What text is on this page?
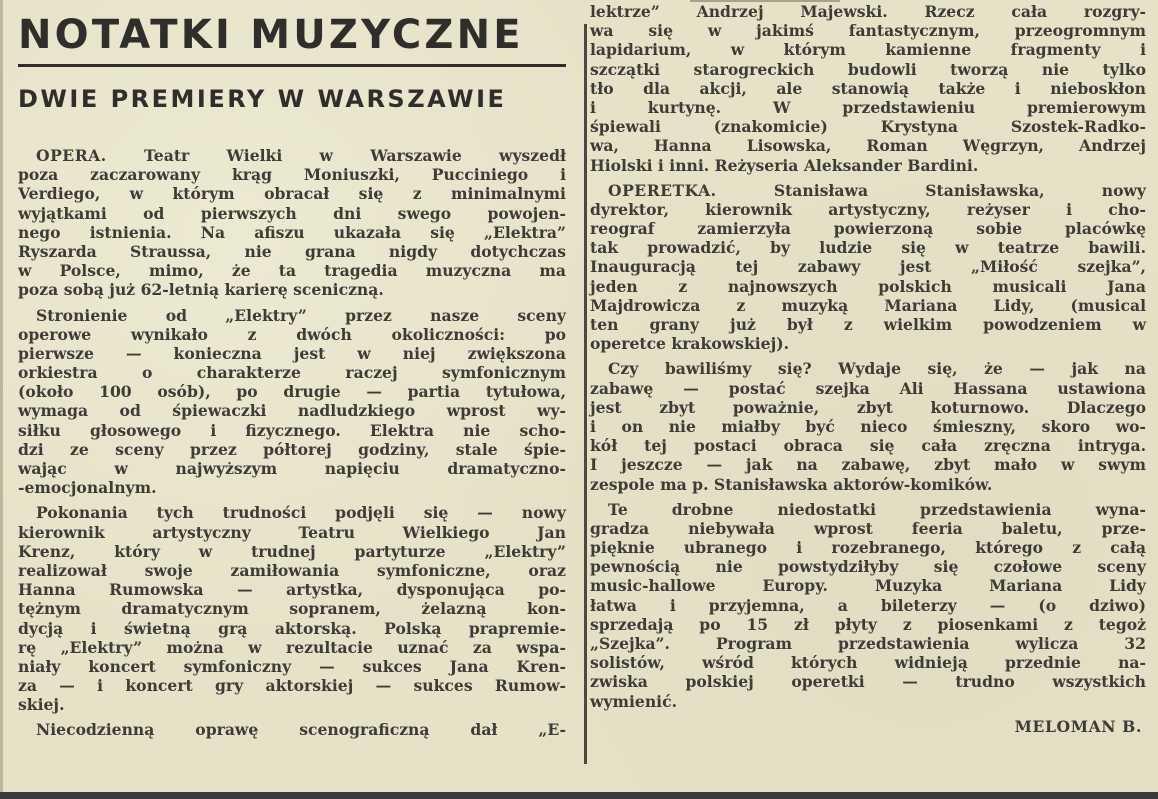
NOTATKI MUZYCZNE
DWIE PREMIERY W WARSZAWIE
OPERA. Teatr Wielki w Warszawie wyszedł
poza zaczarowany krąg Moniuszki, Pucciniego i
Verdiego, w którym obracał się z minimalnymi
wyjątkami od pierwszych dni swego powojen-
nego istnienia. Na afiszu ukazała się „Elektra”
Ryszarda Straussa, nie grana nigdy dotychczas
w Polsce, mimo, że ta tragedia muzyczna ma
poza sobą już 62-letnią karierę sceniczną.
Stronienie od „Elektry” przez nasze sceny
operowe wynikało z dwóch okoliczności: po
pierwsze — konieczna jest w niej zwiększona
orkiestra o charakterze raczej symfonicznym
(około 100 osób), po drugie — partia tytułowa,
wymaga od śpiewaczki nadludzkiego wprost wy-
siłku głosowego i fizycznego. Elektra nie scho-
dzi ze sceny przez półtorej godziny, stale śpie-
wając w najwyższym napięciu dramatyczno-
-emocjonalnym.
Pokonania tych trudności podjęli się — nowy
kierownik artystyczny Teatru Wielkiego Jan
Krenz, który w trudnej partyturze „Elektry”
realizował swoje zamiłowania symfoniczne, oraz
Hanna Rumowska — artystka, dysponująca po-
tężnym dramatycznym sopranem, żelazną kon-
dycją i świetną grą aktorską. Polską prapremie-
rę „Elektry” można w rezultacie uznać za wspa-
niały koncert symfoniczny — sukces Jana Kren-
za — i koncert gry aktorskiej — sukces Rumow-
skiej.
Niecodzienną oprawę scenograficzną dał „E-
lektrze” Andrzej Majewski. Rzecz cała rozgry-
wa się w jakimś fantastycznym, przeogromnym
lapidarium, w którym kamienne fragmenty i
szczątki starogreckich budowli tworzą nie tylko
tło dla akcji, ale stanowią także i nieboskłon
i kurtynę. W przedstawieniu premierowym
śpiewali (znakomicie) Krystyna Szostek-Radko-
wa, Hanna Lisowska, Roman Węgrzyn, Andrzej
Hiolski i inni. Reżyseria Aleksander Bardini.
OPERETKA. Stanisława Stanisławska, nowy
dyrektor, kierownik artystyczny, reżyser i cho-
reograf zamierzyła powierzoną sobie placówkę
tak prowadzić, by ludzie się w teatrze bawili.
Inauguracją tej zabawy jest „Miłość szejka”,
jeden z najnowszych polskich musicali Jana
Majdrowicza z muzyką Mariana Lidy, (musical
ten grany już był z wielkim powodzeniem w
operetce krakowskiej).
Czy bawiliśmy się? Wydaje się, że — jak na
zabawę — postać szejka Ali Hassana ustawiona
jest zbyt poważnie, zbyt koturnowo. Dlaczego
i on nie miałby być nieco śmieszny, skoro wo-
kół tej postaci obraca się cała zręczna intryga.
I jeszcze — jak na zabawę, zbyt mało w swym
zespole ma p. Stanisławska aktorów-komików.
Te drobne niedostatki przedstawienia wyna-
gradza niebywała wprost feeria baletu, prze-
pięknie ubranego i rozebranego, którego z całą
pewnością nie powstydziłyby się czołowe sceny
music-hallowe Europy. Muzyka Mariana Lidy
łatwa i przyjemna, a bileterzy — (o dziwo)
sprzedają po 15 zł płyty z piosenkami z tegoż
„Szejka”. Program przedstawienia wylicza 32
solistów, wśród których widnieją przednie na-
zwiska polskiej operetki — trudno wszystkich
wymienić.
MELOMAN B.
